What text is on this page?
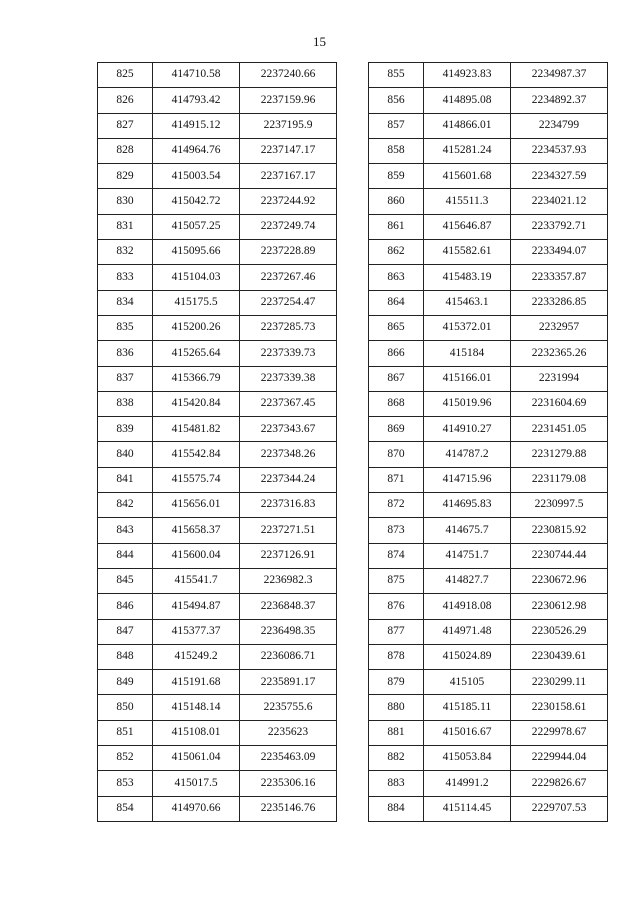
15
825	414710.58	2237240.66
826	414793.42	2237159.96
827	414915.12	2237195.9
828	414964.76	2237147.17
829	415003.54	2237167.17
830	415042.72	2237244.92
831	415057.25	2237249.74
832	415095.66	2237228.89
833	415104.03	2237267.46
834	415175.5	2237254.47
835	415200.26	2237285.73
836	415265.64	2237339.73
837	415366.79	2237339.38
838	415420.84	2237367.45
839	415481.82	2237343.67
840	415542.84	2237348.26
841	415575.74	2237344.24
842	415656.01	2237316.83
843	415658.37	2237271.51
844	415600.04	2237126.91
845	415541.7	2236982.3
846	415494.87	2236848.37
847	415377.37	2236498.35
848	415249.2	2236086.71
849	415191.68	2235891.17
850	415148.14	2235755.6
851	415108.01	2235623
852	415061.04	2235463.09
853	415017.5	2235306.16
854	414970.66	2235146.76
855	414923.83	2234987.37
856	414895.08	2234892.37
857	414866.01	2234799
858	415281.24	2234537.93
859	415601.68	2234327.59
860	415511.3	2234021.12
861	415646.87	2233792.71
862	415582.61	2233494.07
863	415483.19	2233357.87
864	415463.1	2233286.85
865	415372.01	2232957
866	415184	2232365.26
867	415166.01	2231994
868	415019.96	2231604.69
869	414910.27	2231451.05
870	414787.2	2231279.88
871	414715.96	2231179.08
872	414695.83	2230997.5
873	414675.7	2230815.92
874	414751.7	2230744.44
875	414827.7	2230672.96
876	414918.08	2230612.98
877	414971.48	2230526.29
878	415024.89	2230439.61
879	415105	2230299.11
880	415185.11	2230158.61
881	415016.67	2229978.67
882	415053.84	2229944.04
883	414991.2	2229826.67
884	415114.45	2229707.53
